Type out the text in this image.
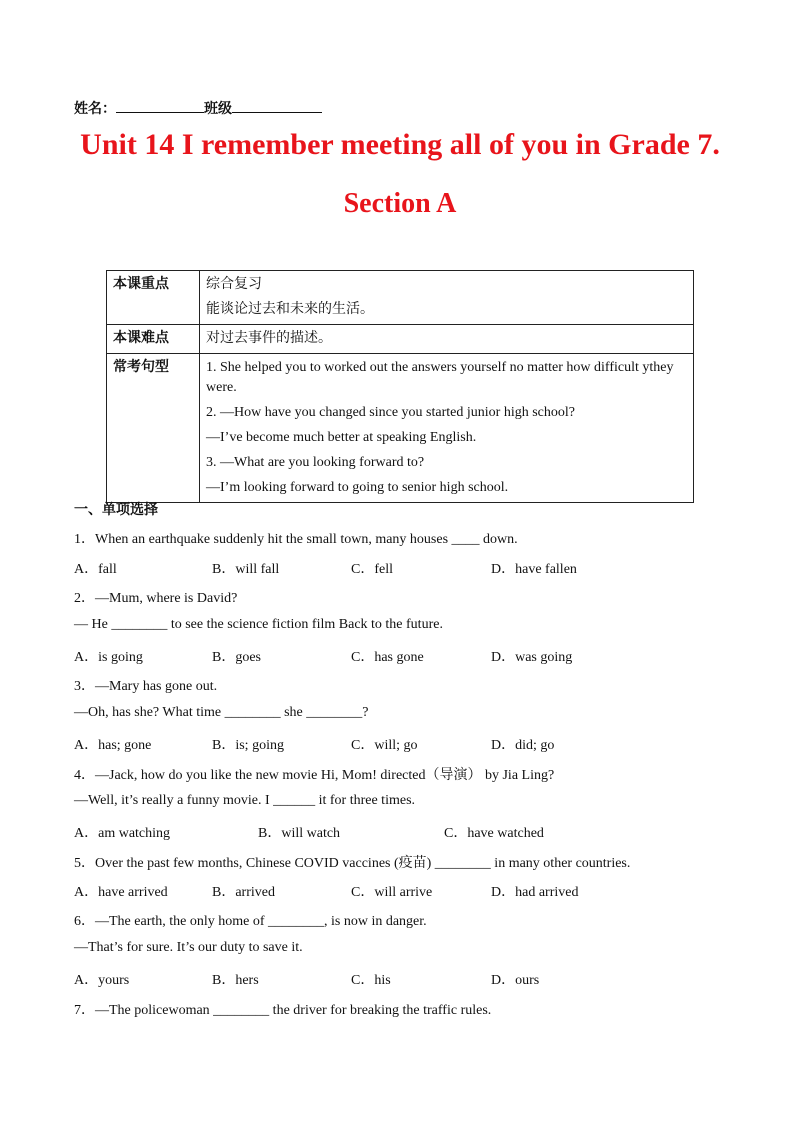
姓名：	班级
Unit 14 I remember meeting all of you in Grade 7.
Section A
本课重点	综合复习

能谈论过去和未来的生活。

本课难点	对过去事件的描述。

常考句型	1. She helped you to worked out the answers yourself no matter how difficult ythey were.

2. —How have you changed since you started junior high school?

—I’ve become much better at speaking English.

3. —What are you looking forward to?

—I’m looking forward to going to senior high school.

一、单项选择
1．When an earthquake suddenly hit the small town, many houses ____ down.
A．fall	B．will fall	C．fell	D．have fallen
2．—Mum, where is David?
— He ________ to see the science fiction film Back to the future.
A．is going	B．goes	C．has gone	D．was going
3．—Mary has gone out.
—Oh, has she? What time ________ she ________?
A．has; gone	B．is; going	C．will; go	D．did; go
4．—Jack, how do you like the new movie Hi, Mom! directed（导演） by Jia Ling?
—Well, it’s really a funny movie. I ______ it for three times.
A．am watching	B．will watch	C．have watched
5．Over the past few months, Chinese COVID vaccines (疫苗) ________ in many other countries.
A．have arrived	B．arrived	C．will arrive	D．had arrived
6．—The earth, the only home of ________, is now in danger.
—That’s for sure. It’s our duty to save it.
A．yours	B．hers	C．his	D．ours
7．—The policewoman ________ the driver for breaking the traffic rules.
